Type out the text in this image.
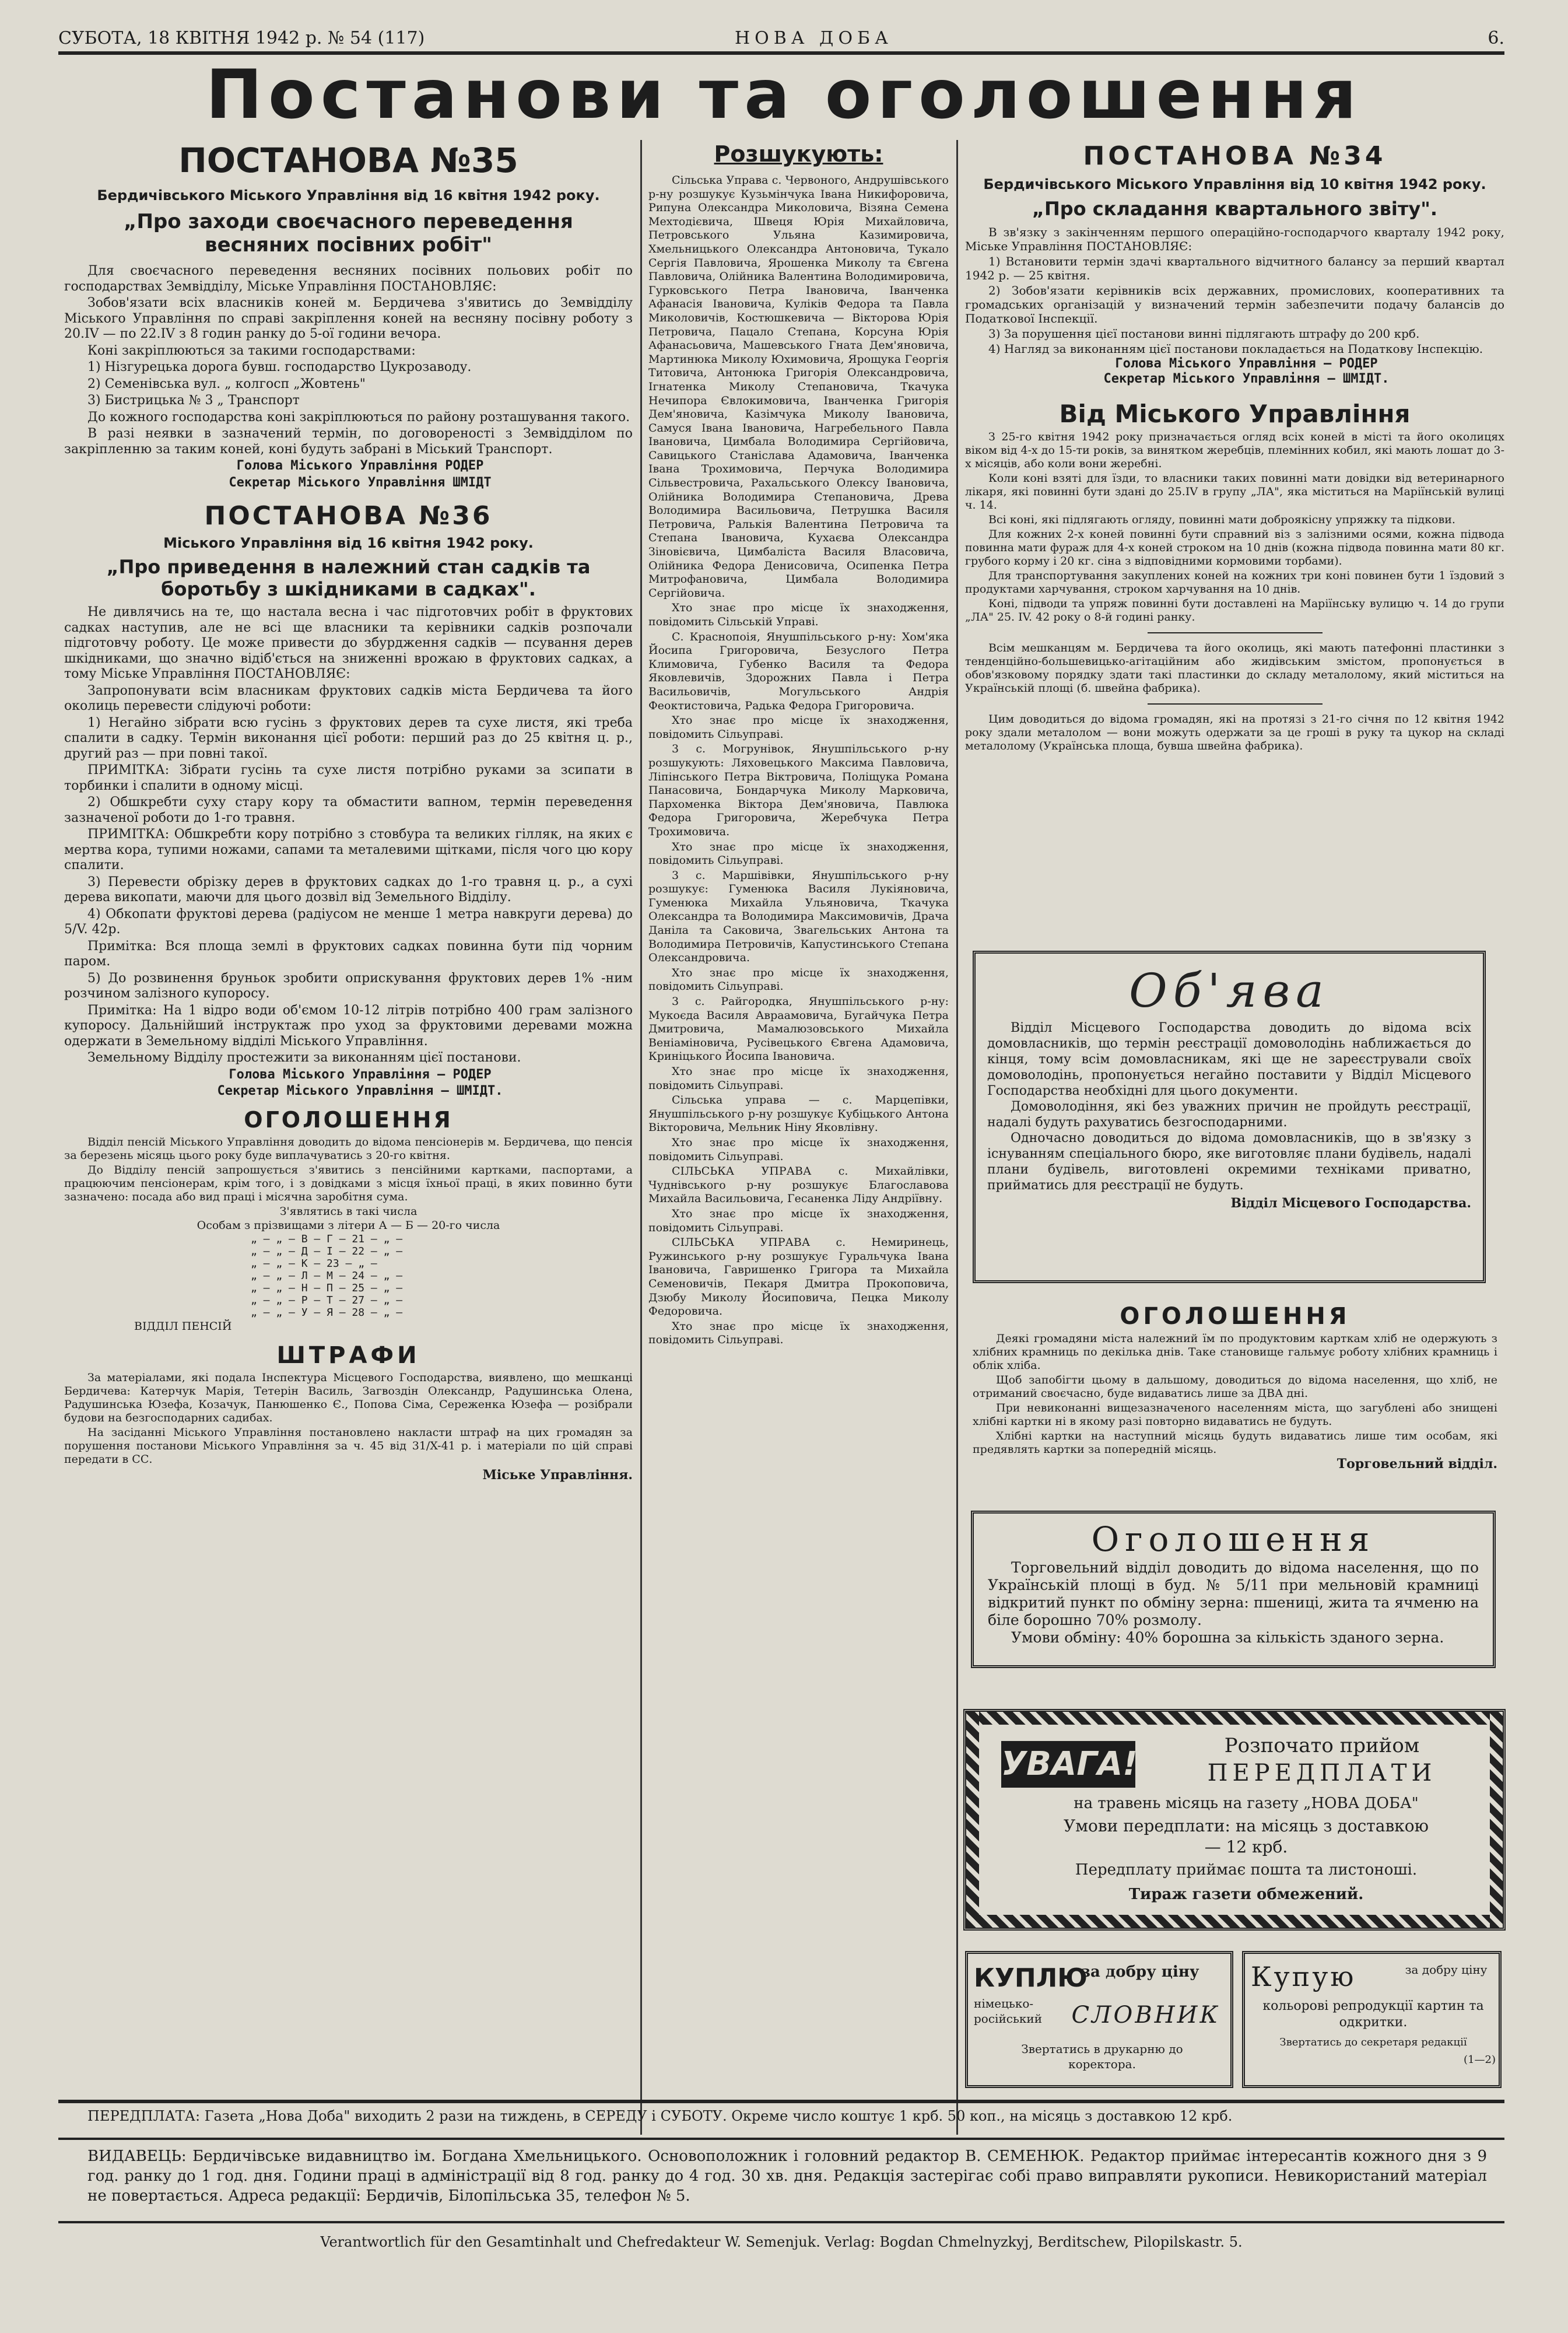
СУБОТА, 18 КВІТНЯ 1942 р. № 54 (117)	НОВА ДОБА	6.
Постанови та оголошення
ПОСТАНОВА №35
Бердичівського Міського Управління від 16 квітня 1942 року.
„Про заходи своєчасного переведення весняних посівних робіт"

Для своєчасного переведення весняних посівних польових робіт по господарствах Земвідділу, Міське Управління ПОСТАНОВЛЯЄ:

Зобов'язати всіх власників коней м. Бердичева з'явитись до Земвідділу Міського Управління по справі закріплення коней на весняну посівну роботу з 20.IV — по 22.IV з 8 годин ранку до 5-ої години вечора.

Коні закріплюються за такими господарствами:

1) Нізгурецька дорога бувш. господарство Цукрозаводу.

2) Семенівська вул. „ колгосп „Жовтень"

3) Бистрицька № 3 „ Транспорт

До кожного господарства коні закріплюються по району розташування такого.

В разі неявки в зазначений термін, по договореності з Земвідділом по закріпленню за таким коней, коні будуть забрані в Міський Транспорт.

Голова Міського Управління РОДЕР

Секретар Міського Управління ШМІДТ

ПОСТАНОВА №36
Міського Управління від 16 квітня 1942 року.
„Про приведення в належний стан садків та боротьбу з шкідниками в садках".

Не дивлячись на те, що настала весна і час підготовчих робіт в фруктових садках наступив, але не всі ще власники та керівники садків розпочали підготовчу роботу. Це може привести до збурдження садків — псування дерев шкідниками, що значно відіб'ється на зниженні врожаю в фруктових садках, а тому Міське Управління ПОСТАНОВЛЯЄ:

Запропонувати всім власникам фруктових садків міста Бердичева та його околиць перевести слідуючі роботи:

1) Негайно зібрати всю гусінь з фруктових дерев та сухе листя, які треба спалити в садку. Термін виконання цієї роботи: перший раз до 25 квітня ц. р., другий раз — при повні такої.

ПРИМІТКА: Зібрати гусінь та сухе листя потрібно руками за зсипати в торбинки і спалити в одному місці.

2) Обшкребти суху стару кору та обмастити вапном, термін переведення зазначеної роботи до 1-го травня.

ПРИМІТКА: Обшкребти кору потрібно з стовбура та великих гілляк, на яких є мертва кора, тупими ножами, сапами та металевими щітками, після чого цю кору спалити.

3) Перевести обрізку дерев в фруктових садках до 1-го травня ц. р., а сухі дерева викопати, маючи для цього дозвіл від Земельного Відділу.

4) Обкопати фруктові дерева (радіусом не менше 1 метра навкруги дерева) до 5/V. 42р.

Примітка: Вся площа землі в фруктових садках повинна бути під чорним паром.

5) До розвинення бруньок зробити оприскування фруктових дерев 1% -ним розчином залізного купоросу.

Примітка: На 1 відро води об'ємом 10-12 літрів потрібно 400 грам залізного купоросу. Дальнійший інструктаж про уход за фруктовими деревами можна одержати в Земельному відділі Міського Управління.

Земельному Відділу простежити за виконанням цієї постанови.

Голова Міського Управління — РОДЕР

Секретар Міського Управління — ШМІДТ.

ОГОЛОШЕННЯ

Відділ пенсій Міського Управління доводить до відома пенсіонерів м. Бердичева, що пенсія за березень місяць цього року буде виплачуватись з 20-го квітня.

До Відділу пенсій запрошується з'явитись з пенсійними картками, паспортами, а працюючим пенсіонерам, крім того, і з довідками з місця їхньої праці, в яких повинно бути зазначено: посада або вид праці і місячна заробітня сума.

З'являтись в такі числа

Особам з прізвищами з літери А — Б — 20-го числа

„ — „ — В — Г — 21 — „ —
„ — „ — Д — І — 22 — „ —
„ — „ — К — 23 — „ —
„ — „ — Л — М — 24 — „ —
„ — „ — Н — П — 25 — „ —
„ — „ — Р — Т — 27 — „ —
„ — „ — У — Я — 28 — „ —

ВІДДІЛ ПЕНСІЙ

ШТРАФИ

За матеріалами, які подала Інспектура Місцевого Господарства, виявлено, що мешканці Бердичева: Катерчук Марія, Тетерін Василь, Загвоздін Олександр, Радушинська Олена, Радушинська Юзефа, Козачук, Панюшенко Є., Попова Сіма, Сереженка Юзефа — розібрали будови на безгосподарних садибах.

На засіданні Міського Управління постановлено накласти штраф на цих громадян за порушення постанови Міського Управління за ч. 45 від 31/X-41 р. і матеріали по цій справі передати в СС.

Міське Управління.

Розшукують:

Сільська Управа с. Червоного, Андрушівського р-ну розшукує Кузьмінчука Івана Никифоровича, Рипуна Олександра Миколовича, Візяна Семена Мехтодієвича, Швеця Юрія Михайловича, Петровського Ульяна Казимировича, Хмельницького Олександра Антоновича, Тукало Сергія Павловича, Ярошенка Миколу та Євгена Павловича, Олійника Валентина Володимировича, Гурковського Петра Івановича, Іванченка Афанасія Івановича, Куліків Федора та Павла Миколовичів, Костюшкевича — Вікторова Юрія Петровича, Пацало Степана, Корсуна Юрія Афанасьовича, Машевського Гната Дем'яновича, Мартинюка Миколу Юхимовича, Ярощука Георгія Титовича, Антонюка Григорія Олександровича, Ігнатенка Миколу Степановича, Ткачука Нечипора Євлокимовича, Іванченка Григорія Дем'яновича, Казімчука Миколу Івановича, Самуся Івана Івановича, Нагребельного Павла Івановича, Цимбала Володимира Сергійовича, Савицького Станіслава Адамовича, Іванченка Івана Трохимовича, Перчука Володимира Сільвестровича, Рахальського Олексу Івановича, Олійника Володимира Степановича, Древа Володимира Васильовича, Петрушка Василя Петровича, Ралькія Валентина Петровича та Степана Івановича, Кухаєва Олександра Зіновієвича, Цимбаліста Василя Власовича, Олійника Федора Денисовича, Осипенка Петра Митрофановича, Цимбала Володимира Сергійовича.

Хто знає про місце їх знаходження, повідомить Сільській Управі.

С. Краснопоія, Янушпільського р-ну: Хом'яка Йосипа Григоровича, Безуслого Петра Климовича, Губенко Василя та Федора Яковлевичів, Здорожних Павла і Петра Васильовичів, Могульського Андрія Феоктистовича, Радька Федора Григоровича.

Хто знає про місце їх знаходження, повідомить Сільуправі.

3 с. Могрунівок, Янушпільського р-ну розшукують: Ляховецького Максима Павловича, Ліпінського Петра Віктровича, Поліщука Романа Панасовича, Бондарчука Миколу Марковича, Пархоменка Віктора Дем'яновича, Павлюка Федора Григоровича, Жеребчука Петра Трохимовича.

Хто знає про місце їх знаходження, повідомить Сільуправі.

3 с. Маршівівки, Янушпільського р-ну розшукує: Гуменюка Василя Лукіяновича, Гуменюка Михайла Ульяновича, Ткачука Олександра та Володимира Максимовичів, Драча Даніла та Саковича, Звагельських Антона та Володимира Петровичів, Капустинського Степана Олександровича.

Хто знає про місце їх знаходження, повідомить Сільуправі.

3 с. Райгородка, Янушпільського р-ну: Мукоєда Василя Авраамовича, Бугайчука Петра Дмитровича, Мамалюзовського Михайла Веніаміновича, Русівецького Євгена Адамовича, Криніцького Йосипа Івановича.

Хто знає про місце їх знаходження, повідомить Сільуправі.

Сільська управа — с. Марцепівки, Янушпільського р-ну розшукує Кубіцького Антона Вікторовича, Мельник Ніну Яковлівну.

Хто знає про місце їх знаходження, повідомить Сільуправі.

СІЛЬСЬКА УПРАВА с. Михайлівки, Чуднівського р-ну розшукує Благославова Михайла Васильовича, Гесаненка Ліду Андріївну.

Хто знає про місце їх знаходження, повідомить Сільуправі.

СІЛЬСЬКА УПРАВА с. Немиринець, Ружинського р-ну розшукує Гуральчука Івана Івановича, Гавришенко Григора та Михайла Семеновичів, Пекаря Дмитра Прокоповича, Дзюбу Миколу Йосиповича, Пецка Миколу Федоровича.

Хто знає про місце їх знаходження, повідомить Сільуправі.

ПОСТАНОВА №34
Бердичівського Міського Управління від 10 квітня 1942 року.
„Про складання квартального звіту".

В зв'язку з закінченням першого операційно-господарчого кварталу 1942 року, Міське Управління ПОСТАНОВЛЯЄ:

1) Встановити термін здачі квартального відчитного балансу за перший квартал 1942 р. — 25 квітня.

2) Зобов'язати керівників всіх державних, промислових, кооперативних та громадських організацій у визначений термін забезпечити подачу балансів до Податкової Інспекції.

3) За порушення цієї постанови винні підлягають штрафу до 200 крб.

4) Нагляд за виконанням цієї постанови покладається на Податкову Інспекцію.

Голова Міського Управління — РОДЕР

Секретар Міського Управління — ШМІДТ.

Від Міського Управління

З 25-го квітня 1942 року призначається огляд всіх коней в місті та його околицях віком від 4-х до 15-ти років, за винятком жеребців, племінних кобил, які мають лошат до 3-х місяців, або коли вони жеребні.

Коли коні взяті для їзди, то власники таких повинні мати довідки від ветеринарного лікаря, які повинні бути здані до 25.IV в групу „ЛА", яка міститься на Маріїнській вулиці ч. 14.

Всі коні, які підлягають огляду, повинні мати доброякісну упряжку та підкови.

Для кожних 2-х коней повинні бути справний віз з залізними осями, кожна підвода повинна мати фураж для 4-х коней строком на 10 днів (кожна підвода повинна мати 80 кг. грубого корму і 20 кг. сіна з відповідними кормовими торбами).

Для транспортування закуплених коней на кожних три коні повинен бути 1 їздовий з продуктами харчування, строком харчування на 10 днів.

Коні, підводи та упряж повинні бути доставлені на Маріїнську вулицю ч. 14 до групи „ЛА" 25. IV. 42 року о 8-й годині ранку.

Всім мешканцям м. Бердичева та його околиць, які мають патефонні пластинки з тенденційно-большевицько-агітаційним або жидівським змістом, пропонується в обов'язковому порядку здати такі пластинки до складу металолому, який міститься на Українській площі (б. швейна фабрика).

Цим доводиться до відома громадян, які на протязі з 21-го січня по 12 квітня 1942 року здали металолом — вони можуть одержати за це гроші в руку та цукор на складі металолому (Українська площа, бувша швейна фабрика).

Об'ява

Відділ Місцевого Господарства доводить до відома всіх домовласників, що термін реєстрації домоволодінь наближається до кінця, тому всім домовласникам, які ще не зареєстрували своїх домоволодінь, пропонується негайно поставити у Відділ Місцевого Господарства необхідні для цього документи.

Домоволодіння, які без уважних причин не пройдуть реєстрації, надалі будуть рахуватись безгосподарними.

Одночасно доводиться до відома домовласників, що в зв'язку з існуванням спеціального бюро, яке виготовляє плани будівель, надалі плани будівель, виготовлені окремими техніками приватно, прийматись для реєстрації не будуть.

Відділ Місцевого Господарства.

ОГОЛОШЕННЯ

Деякі громадяни міста належний їм по продуктовим карткам хліб не одержують з хлібних крамниць по декілька днів. Таке становище гальмує роботу хлібних крамниць і облік хліба.

Щоб запобігти цьому в дальшому, доводиться до відома населення, що хліб, не отриманий своєчасно, буде видаватись лише за ДВА дні.

При невиконанні вищезазначеного населенням міста, що загублені або знищені хлібні картки ні в якому разі повторно видаватись не будуть.

Хлібні картки на наступний місяць будуть видаватись лише тим особам, які предявлять картки за попередній місяць.

Торговельний відділ.

Оголошення

Торговельний відділ доводить до відома населення, що по Українській площі в буд. № 5/11 при мельновій крамниці відкритий пункт по обміну зерна: пшениці, жита та ячменю на біле борошно 70% розмолу.

Умови обміну: 40% борошна за кількість зданого зерна.

УВАГА!	Розпочато прийом
ПЕРЕДПЛАТИ
на травень місяць на газету „НОВА ДОБА"
Умови передплати: на місяць з доставкою — 12 крб.
Передплату приймає пошта та листоноші.
Тираж газети обмежений.
КУПЛЮ
за добру ціну
німецько-російський	СЛОВНИК
Звертатись в друкарню до коректора.
Купую	за добру ціну
кольорові репродукції картин та одкритки.
Звертатись до секретаря редакції
(1—2)
ПЕРЕДПЛАТА: Газета „Нова Доба" виходить 2 рази на тиждень, в СЕРЕДУ і СУБОТУ. Окреме число коштує 1 крб. 50 коп., на місяць з доставкою 12 крб.
ВИДАВЕЦЬ: Бердичівське видавництво ім. Богдана Хмельницького. Основоположник і головний редактор В. СЕМЕНЮК. Редактор приймає інтересантів кожного дня з 9 год. ранку до 1 год. дня. Години праці в адміністрації від 8 год. ранку до 4 год. 30 хв. дня. Редакція застерігає собі право виправляти рукописи. Невикористаний матеріал не повертається. Адреса редакції: Бердичів, Білопільська 35, телефон № 5.
Verantwortlich für den Gesamtinhalt und Chefredakteur W. Semenjuk. Verlag: Bogdan Chmelnyzkyj, Berditschew, Pilopilskastr. 5.
